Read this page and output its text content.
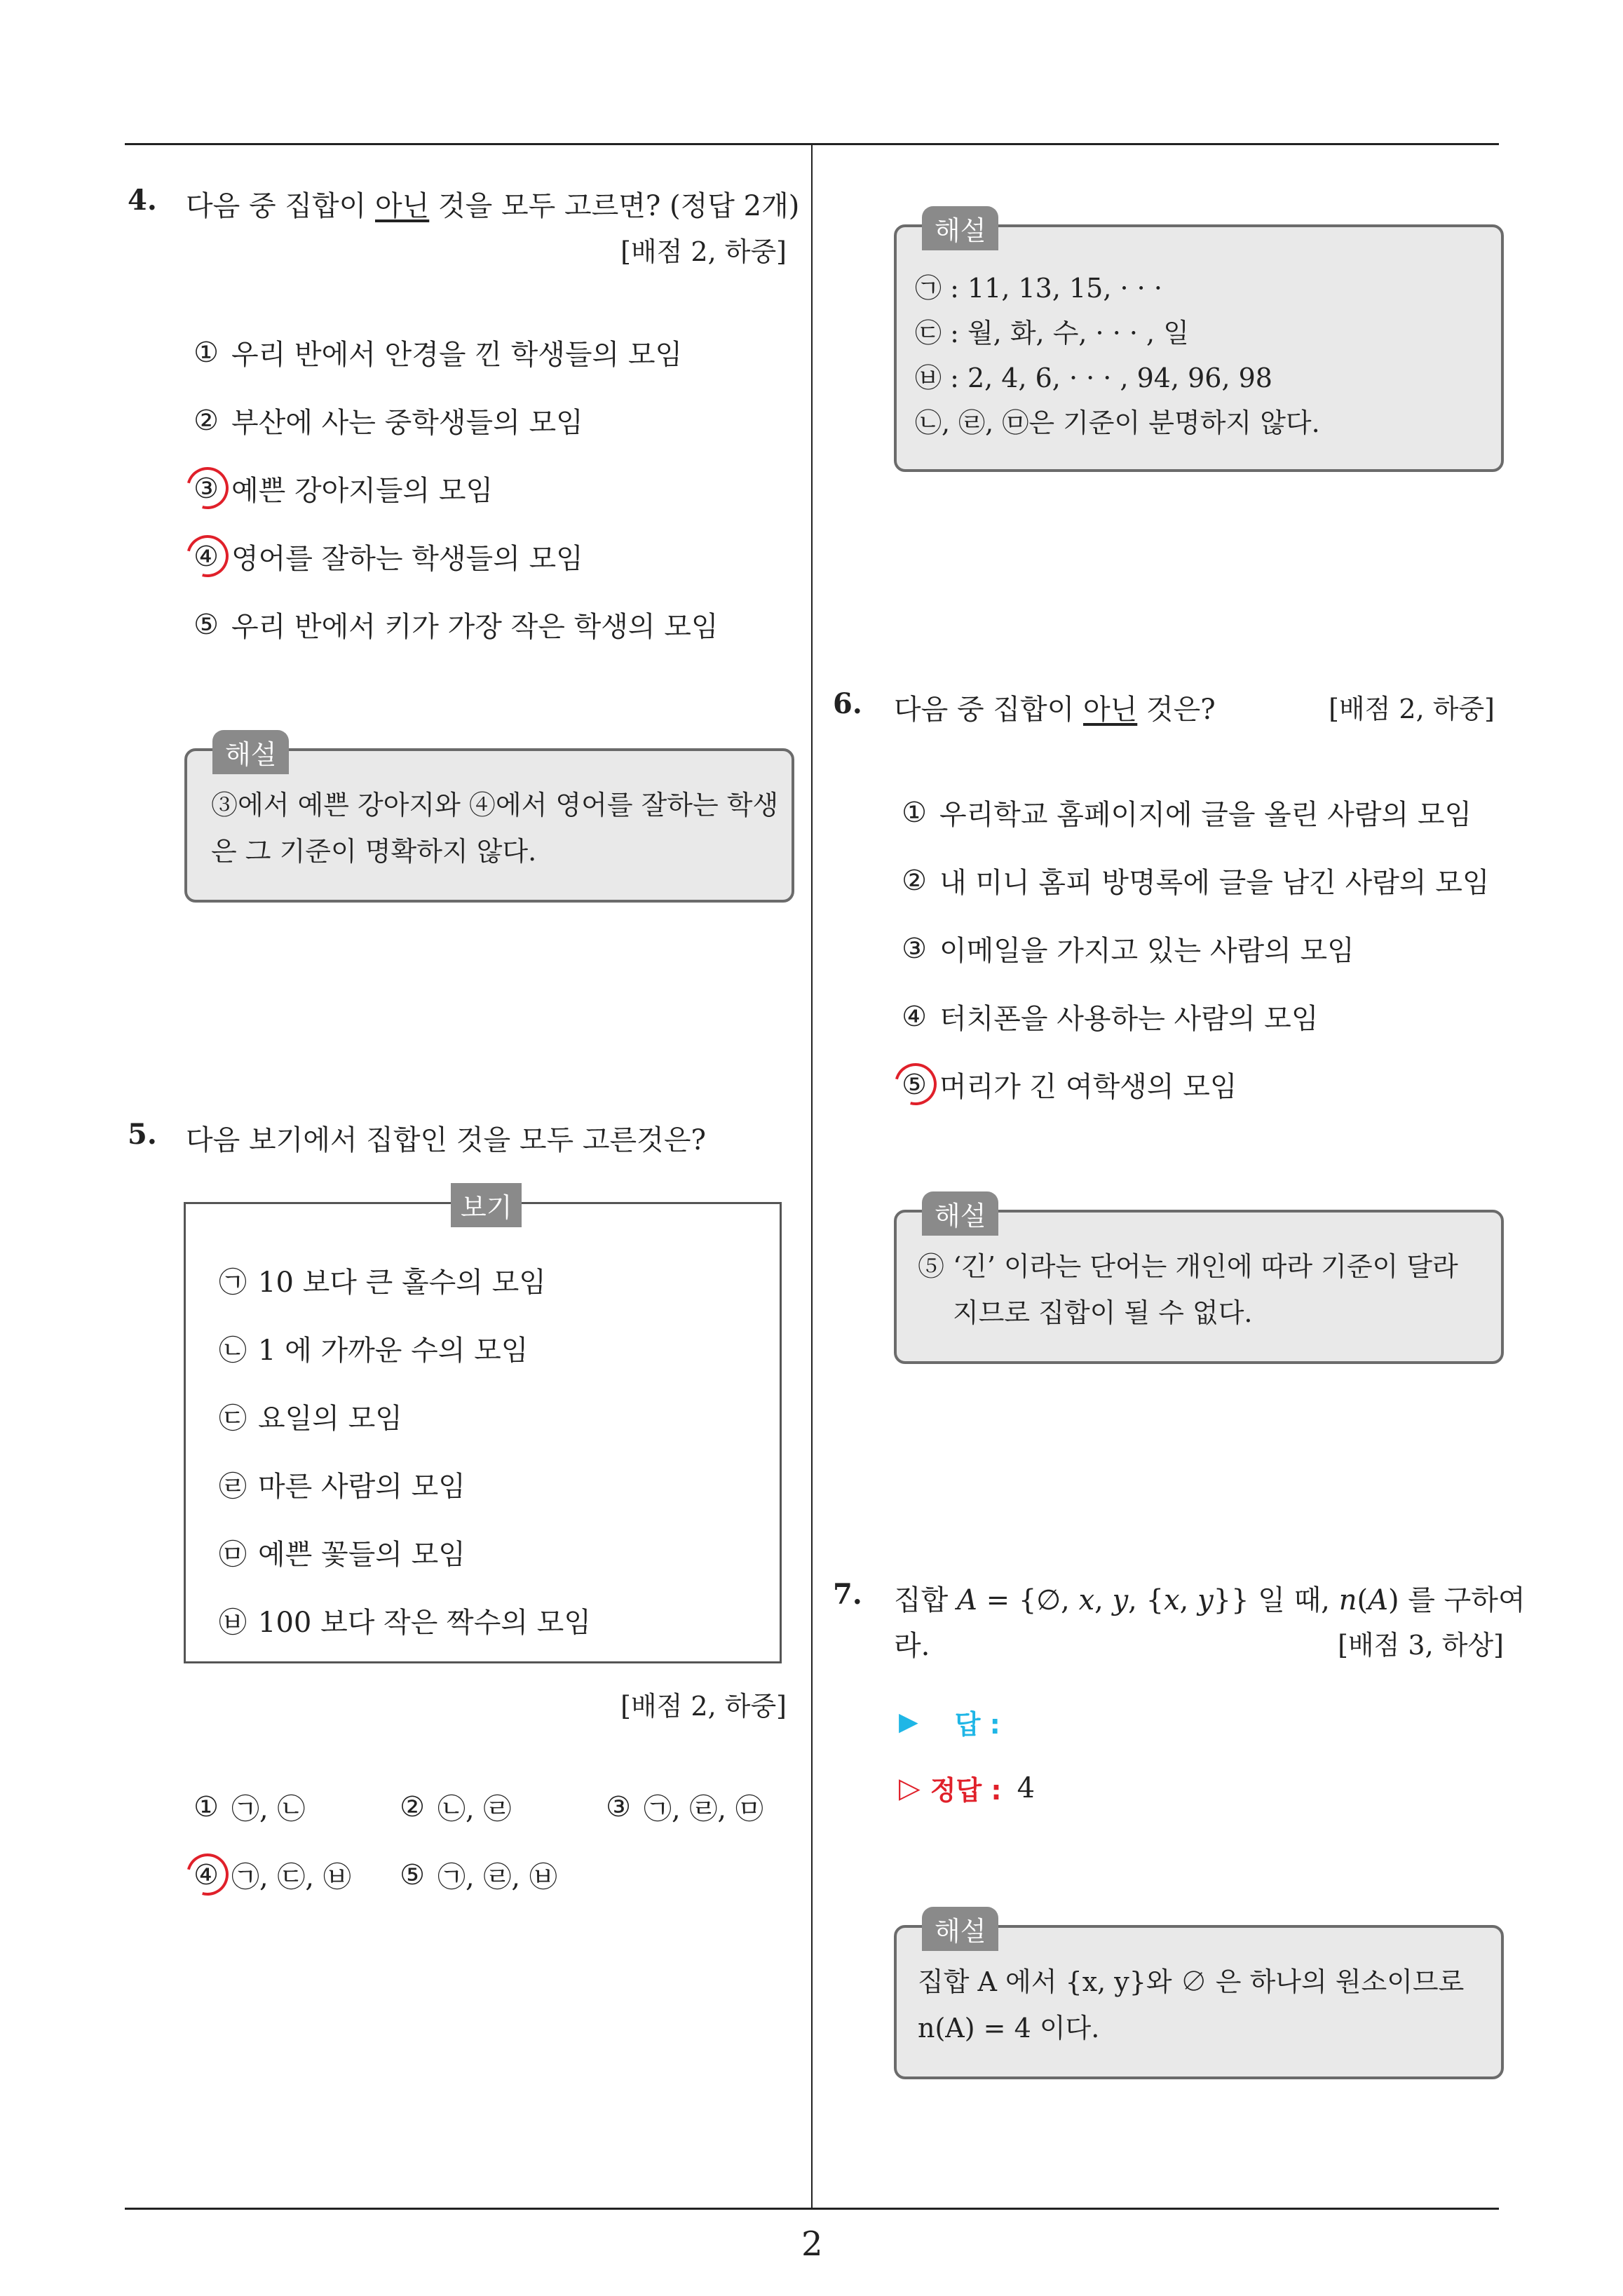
4. 다음 중 집합이 아닌 것을 모두 고르면? (정답 2개)
[배점 2, 하중]
① 우리 반에서 안경을 낀 학생들의 모임
② 부산에 사는 중학생들의 모임
③ 예쁜 강아지들의 모임
④ 영어를 잘하는 학생들의 모임
⑤ 우리 반에서 키가 가장 작은 학생의 모임
해설
③에서 예쁜 강아지와 ④에서 영어를 잘하는 학생
은 그 기준이 명확하지 않다.
5. 다음 보기에서 집합인 것을 모두 고른것은?
보기
㉠ 10 보다 큰 홀수의 모임
㉡ 1 에 가까운 수의 모임
㉢ 요일의 모임
㉣ 마른 사람의 모임
㉤ 예쁜 꽃들의 모임
㉥ 100 보다 작은 짝수의 모임
[배점 2, 하중]
① ㉠, ㉡	② ㉡, ㉣	③ ㉠, ㉣, ㉤
④ ㉠, ㉢, ㉥ ⑤ ㉠, ㉣, ㉥
해설
㉠ : 11, 13, 15, · · ·
㉢ : 월, 화, 수, · · · , 일
㉥ : 2, 4, 6, · · · , 94, 96, 98
㉡, ㉣, ㉤은 기준이 분명하지 않다.
6. 다음 중 집합이 아닌 것은?	[배점 2, 하중]
① 우리학교 홈페이지에 글을 올린 사람의 모임
② 내 미니 홈피 방명록에 글을 남긴 사람의 모임
③ 이메일을 가지고 있는 사람의 모임
④ 터치폰을 사용하는 사람의 모임
⑤ 머리가 긴 여학생의 모임
해설
⑤ ‘긴’ 이라는 단어는 개인에 따라 기준이 달라
지므로 집합이 될 수 없다.
7. 집합 A = {∅, x, y, {x, y}} 일 때, n(A) 를 구하여
라.	[배점 3, 하상]
▶ 답 :
▷ 정답 : 4
해설
집합 A 에서 {x, y}와 ∅ 은 하나의 원소이므로
n(A) = 4 이다.
2
